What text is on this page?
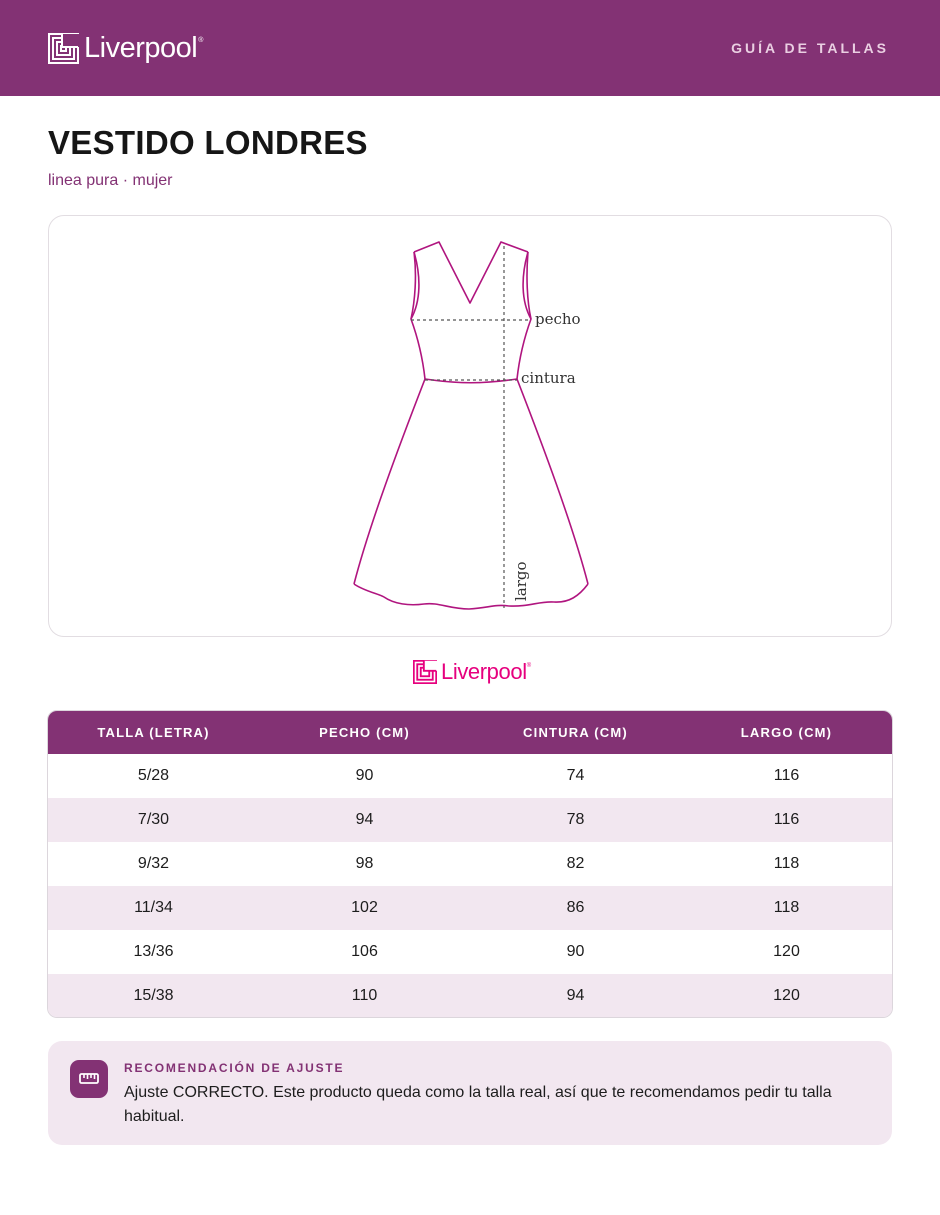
Liverpool ®	GUÍA DE TALLAS
VESTIDO LONDRES
linea pura · mujer
pecho
cintura
largo
Liverpool ®
TALLA (LETRA)	PECHO (CM)	CINTURA (CM)	LARGO (CM)
5/28	90	74	116
7/30	94	78	116
9/32	98	82	118
11/34	102	86	118
13/36	106	90	120
15/38	110	94	120
RECOMENDACIÓN DE AJUSTE
Ajuste CORRECTO. Este producto queda como la talla real, así que te recomendamos pedir tu talla habitual.
